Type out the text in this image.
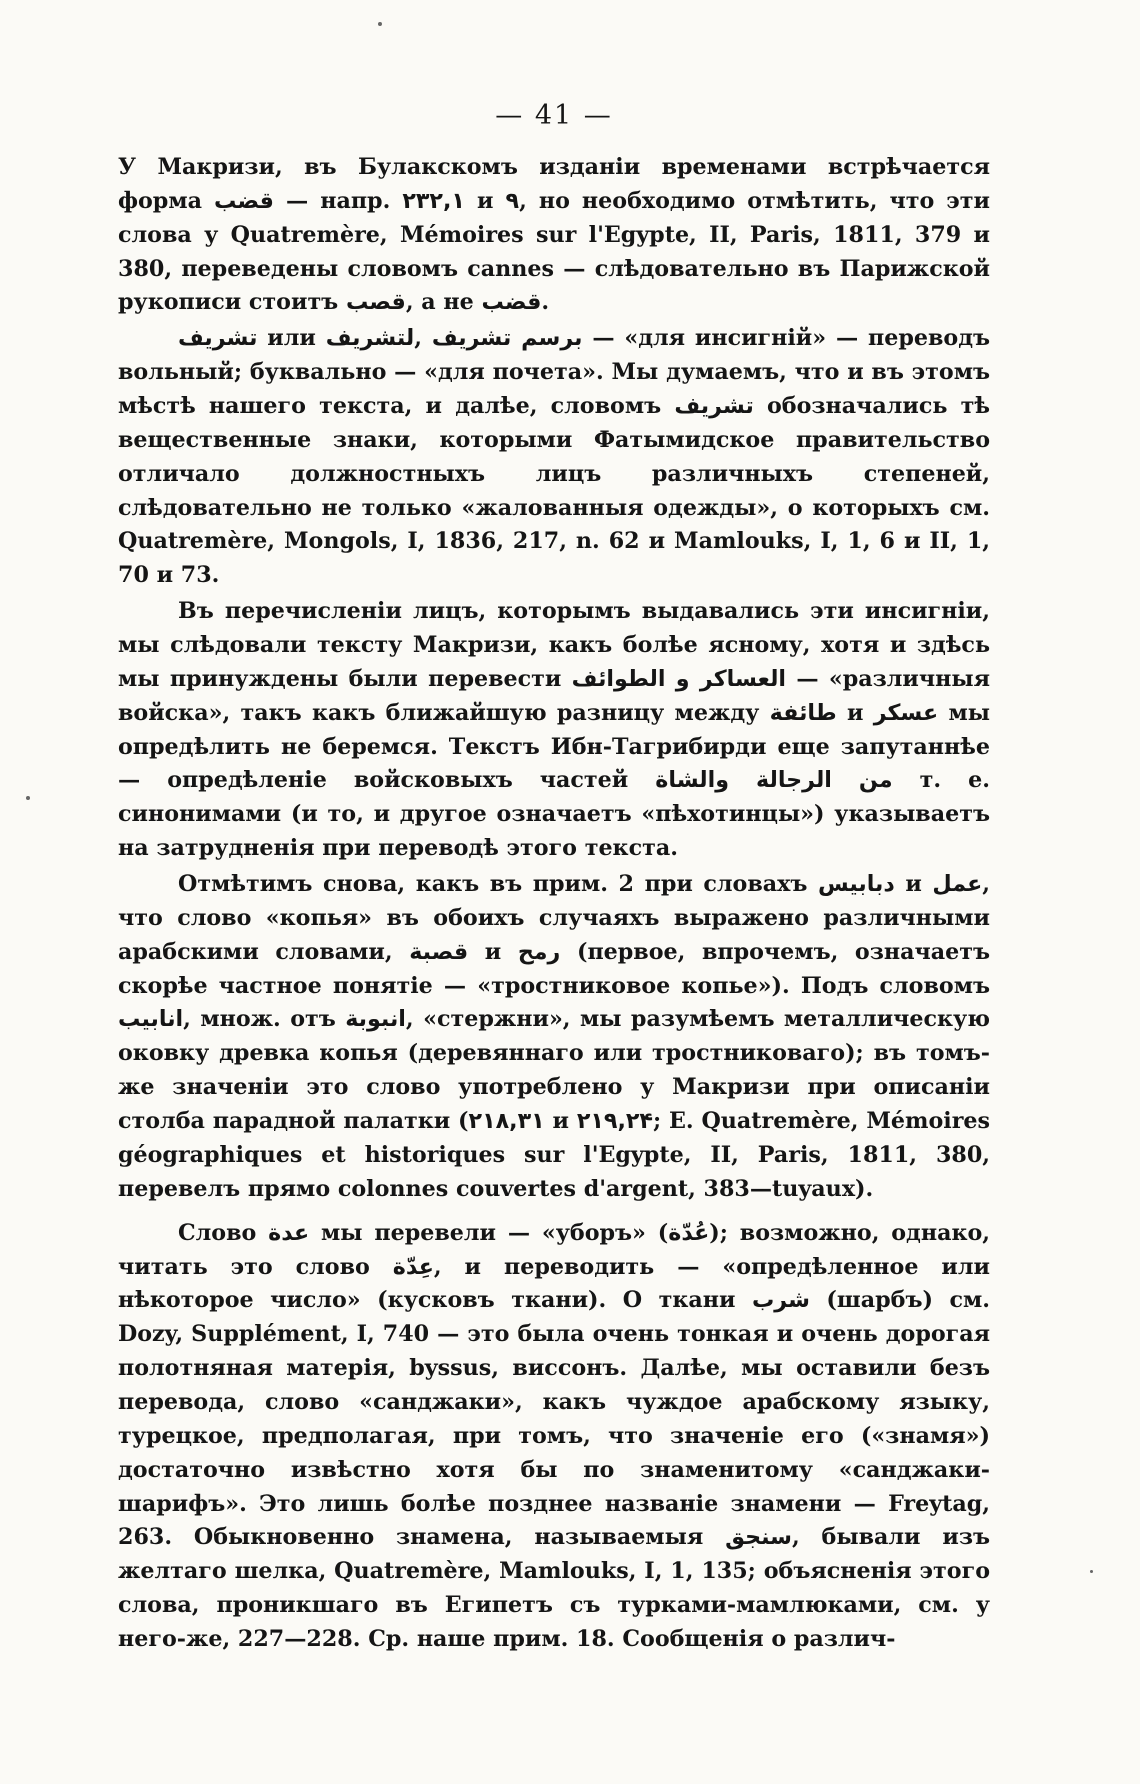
— 41 —

У Макризи, въ Булакскомъ изданіи временами встрѣчается форма قضب — напр. ۲۳۲,۱ и ۹, но необходимо отмѣтить, что эти слова у Quatremère, Mémoires sur l'Egypte, II, Paris, 1811, 379 и 380, переведены словомъ cannes — слѣдовательно въ Парижской рукописи стоитъ قصب, а не قضب.

تشريف или لتشريف, برسم تشريف — «для инсигній» — переводъ вольный; буквально — «для почета». Мы думаемъ, что и въ этомъ мѣстѣ нашего текста, и далѣе, словомъ تشريف обозначались тѣ вещественные знаки, которыми Фатымидское правительство отличало должностныхъ лицъ различныхъ степеней, слѣдовательно не только «жалованныя одежды», о которыхъ см. Quatremère, Mongols, I, 1836, 217, n. 62 и Mamlouks, I, 1, 6 и II, 1, 70 и 73.

Въ перечисленіи лицъ, которымъ выдавались эти инсигніи, мы слѣдовали тексту Макризи, какъ болѣе ясному, хотя и здѣсь мы принуждены были перевести العساكر و الطوائف — «различныя войска», такъ какъ ближайшую разницу между طائفة и عسكر мы опредѣлить не беремся. Текстъ Ибн-Тагрибирди еще запутаннѣе — опредѣленіе войсковыхъ частей من الرجالة والشاة т. е. синонимами (и то, и другое означаетъ «пѣхотинцы») указываетъ на затрудненія при переводѣ этого текста.

Отмѣтимъ снова, какъ въ прим. 2 при словахъ دبابيس и عمل, что слово «копья» въ обоихъ случаяхъ выражено различными арабскими словами, قصبة и رمح (первое, впрочемъ, означаетъ скорѣе частное понятіе — «тростниковое копье»). Подъ словомъ انابيب, множ. отъ انبوبة, «стержни», мы разумѣемъ металлическую оковку древка копья (деревяннаго или тростниковаго); въ томъ-же значеніи это слово употреблено у Макризи при описаніи столба парадной палатки (۲۱۸,۳۱ и ۲۱۹,۲۴; E. Quatremère, Mémoires géographiques et historiques sur l'Egypte, II, Paris, 1811, 380, перевелъ прямо colonnes couvertes d'argent, 383—tuyaux).

Слово عدة мы перевели — «уборъ» (عُدّة); возможно, однако, читать это слово عِدّة, и переводить — «опредѣленное или нѣкоторое число» (кусковъ ткани). О ткани شرب (шарбъ) см. Dozy, Supplément, I, 740 — это была очень тонкая и очень дорогая полотняная матерія, byssus, виссонъ. Далѣе, мы оставили безъ перевода, слово «санджаки», какъ чуждое арабскому языку, турецкое, предполагая, при томъ, что значеніе его («знамя») достаточно извѣстно хотя бы по знаменитому «санджаки-шарифъ». Это лишь болѣе позднее названіе знамени — Freytag, 263. Обыкновенно знамена, называемыя سنجق, бывали изъ желтаго шелка, Quatremère, Mamlouks, I, 1, 135; объясненія этого слова, проникшаго въ Египетъ съ турками-мамлюками, см. у него-же, 227—228. Ср. наше прим. 18. Сообщенія о различ-
